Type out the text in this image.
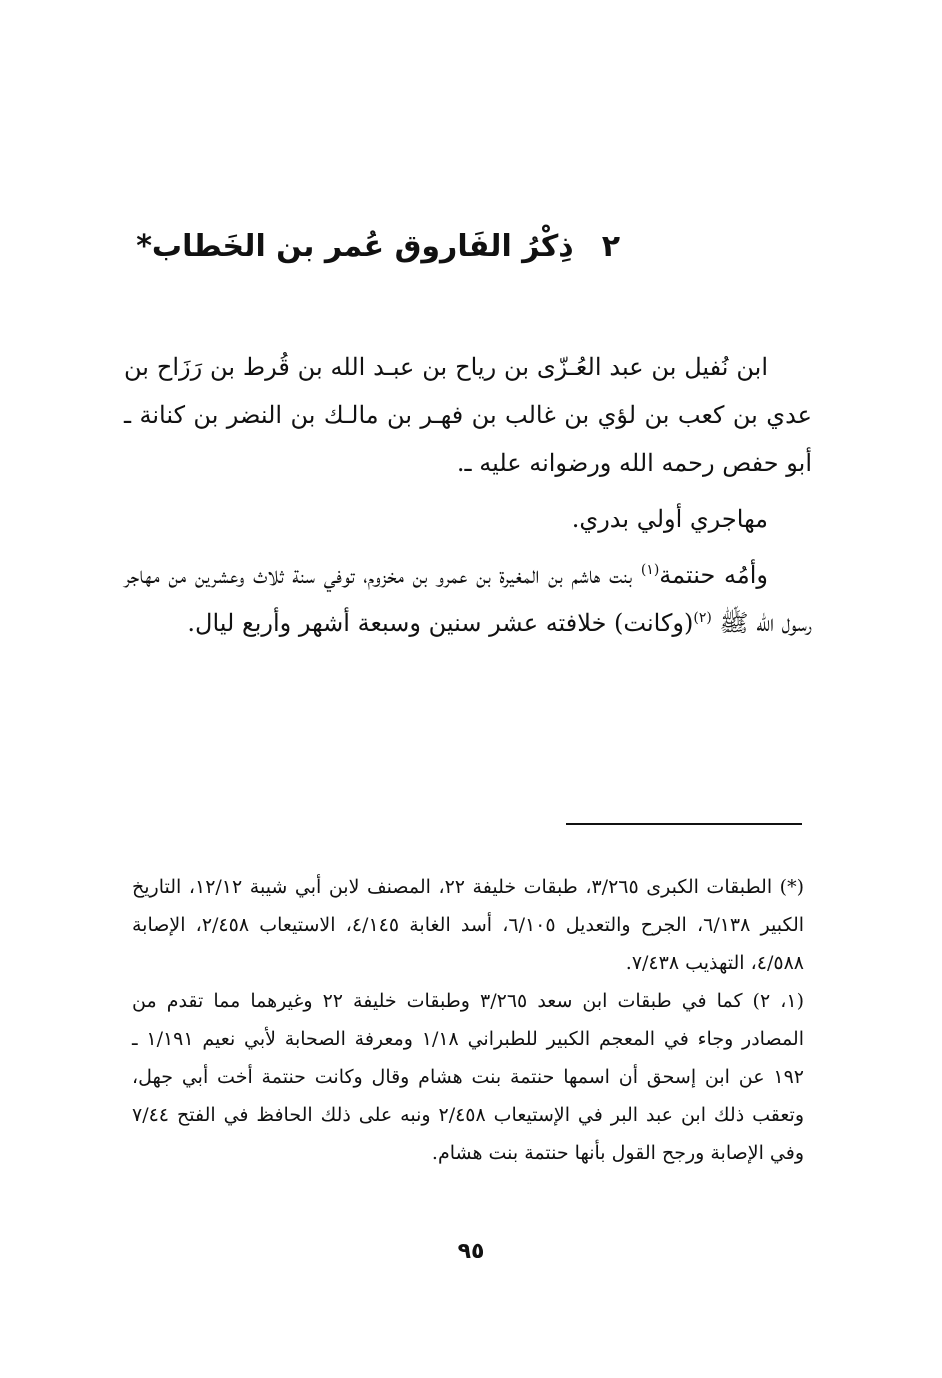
٢ذِكْرُ الفَاروق عُمر بن الخَطاب*

ابن نُفيل بن عبد العُـزّى بن رياح بن عبـد الله بن قُرط بن رَزَاح بن عدي بن كعب بن لؤي بن غالب بن فهـر بن مالـك بن النضر بن كنانة ـ أبو حفص رحمه الله ورضوانه عليه ـ.

مهاجري أولي بدري.

وأمُه حنتمة$^{(١)}$ بنت هاشم بن المغيرة بن عمرو بن مخزوم، توفي سنة ثلاث وعشرين من مهاجر رسول الله ﷺ $^{(٢)}$(وكانت) خلافته عشر سنين وسبعة أشهر وأربع ليال.

(*) الطبقات الكبرى ٣/٢٦٥، طبقات خليفة ٢٢، المصنف لابن أبي شيبة ١٢/١٢، التاريخ الكبير ٦/١٣٨، الجرح والتعديل ٦/١٠٥، أسد الغابة ٤/١٤٥، الاستيعاب ٢/٤٥٨، الإصابة ٤/٥٨٨، التهذيب ٧/٤٣٨.

(١، ٢) كما في طبقات ابن سعد ٣/٢٦٥ وطبقات خليفة ٢٢ وغيرهما مما تقدم من المصادر وجاء في المعجم الكبير للطبراني ١/١٨ ومعرفة الصحابة لأبي نعيم ١/١٩١ ـ ١٩٢ عن ابن إسحق أن اسمها حنتمة بنت هشام وقال وكانت حنتمة أخت أبي جهل، وتعقب ذلك ابن عبد البر في الإستيعاب ٢/٤٥٨ ونبه على ذلك الحافظ في الفتح ٧/٤٤ وفي الإصابة ورجح القول بأنها حنتمة بنت هشام.

٩٥
